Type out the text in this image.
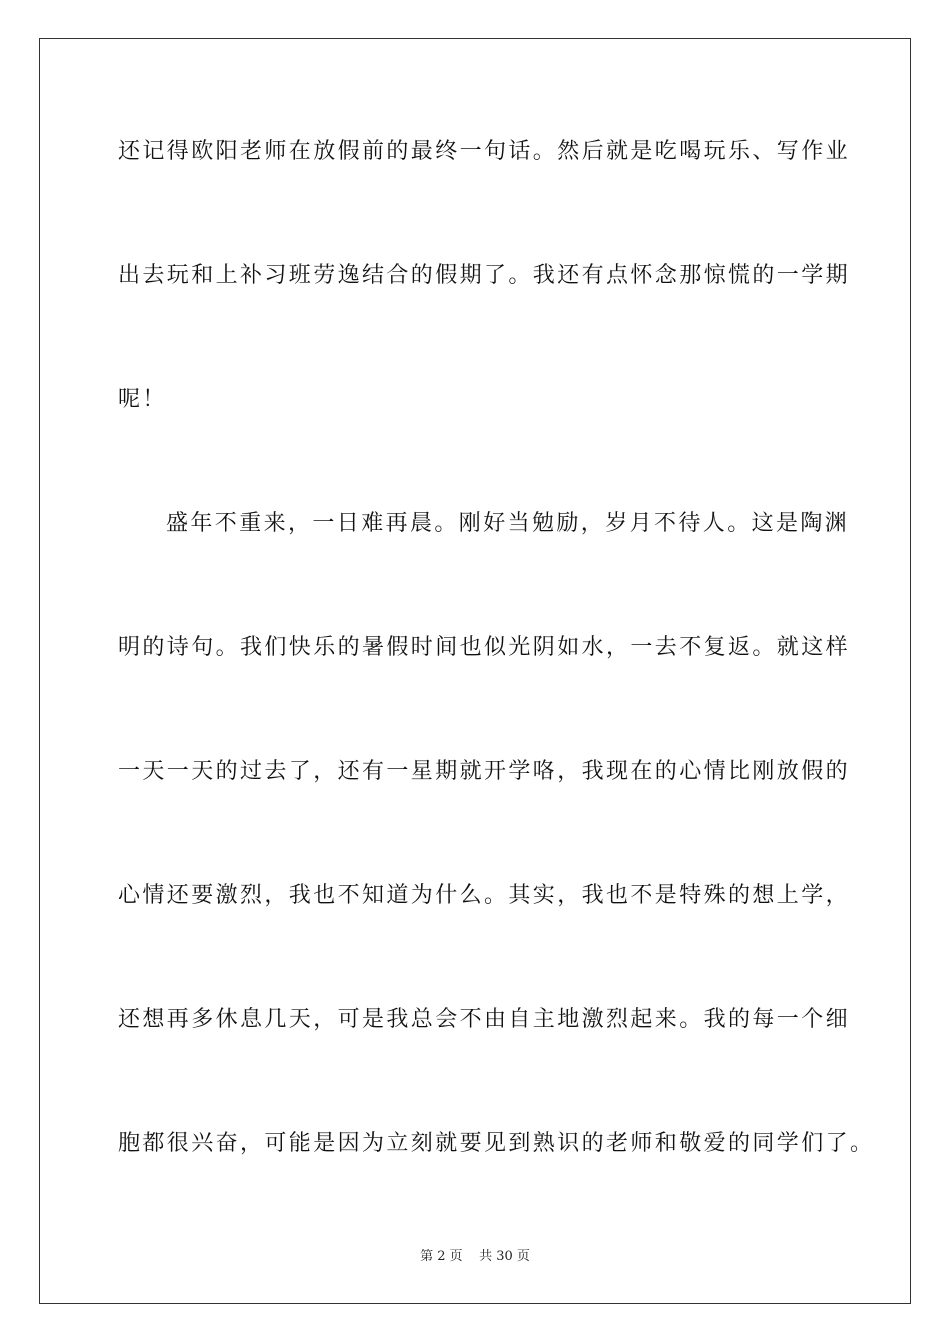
还记得欧阳老师在放假前的最终一句话。然后就是吃喝玩乐、写作业
出去玩和上补习班劳逸结合的假期了。我还有点怀念那惊慌的一学期
呢！
盛年不重来，一日难再晨。刚好当勉励，岁月不待人。这是陶渊
明的诗句。我们快乐的暑假时间也似光阴如水，一去不复返。就这样
一天一天的过去了，还有一星期就开学咯，我现在的心情比刚放假的
心情还要激烈，我也不知道为什么。其实，我也不是特殊的想上学，
还想再多休息几天，可是我总会不由自主地激烈起来。我的每一个细
胞都很兴奋，可能是因为立刻就要见到熟识的老师和敬爱的同学们了。
第 2 页    共 30 页
